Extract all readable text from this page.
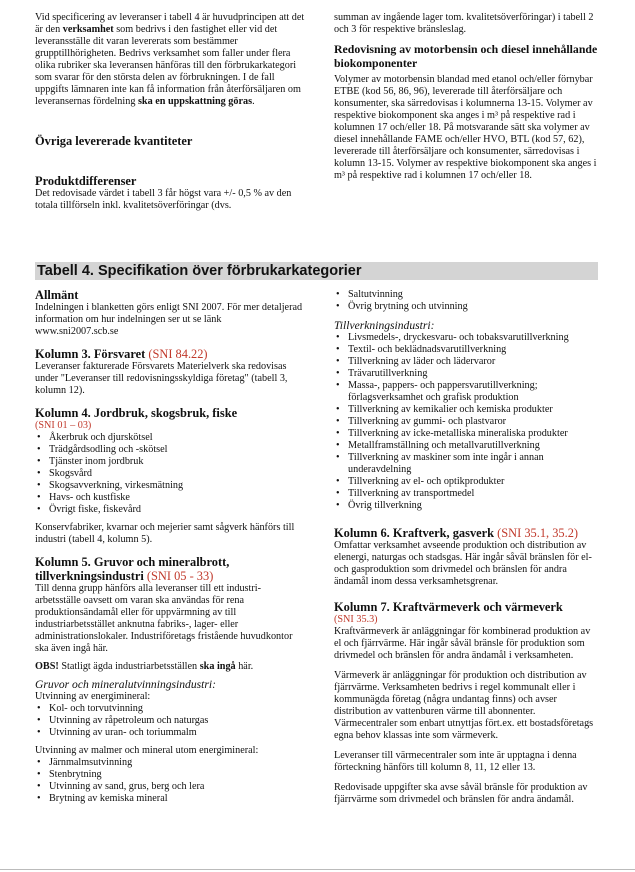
Vid specificering av leveranser i tabell 4 är huvudprincipen att det är den verksamhet som bedrivs i den fastighet eller vid det leveransställe dit varan levererats som bestämmer grupptillhörigheten. Bedrivs verksamhet som faller under flera olika rubriker ska leveransen hänföras till den förbrukarkategori som svarar för den största delen av förbrukningen. I de fall uppgifts lämnaren inte kan få information från återförsäljaren om leveransernas fördelning ska en uppskattning göras.

Övriga levererade kvantiteter
Produktdifferenser

Det redovisade värdet i tabell 3 får högst vara +/- 0,5 % av den totala tillförseln inkl. kvalitetsöverföringar (dvs.

summan av ingående lager tom. kvalitetsöverföringar) i tabell 2 och 3 för respektive bränsleslag.

Redovisning av motorbensin och diesel innehållande biokomponenter

Volymer av motorbensin blandad med etanol och/eller förnybar ETBE (kod 56, 86, 96), levererade till återförsäljare och konsumenter, ska särredovisas i kolumnerna 13-15. Volymer av respektive biokomponent ska anges i m³ på respektive rad i kolumnen 17 och/eller 18. På motsvarande sätt ska volymer av diesel innehållande FAME och/eller HVO, BTL (kod 57, 62), levererade till återförsäljare och konsumenter, särredovisas i kolumn 13-15. Volymer av respektive biokomponent ska anges i m³ på respektive rad i kolumnen 17 och/eller 18.

Tabell 4. Specifikation över förbrukarkategorier
Allmänt

Indelningen i blanketten görs enligt SNI 2007. För mer detaljerad information om hur indelningen ser ut se länk www.sni2007.scb.se

Kolumn 3. Försvaret (SNI 84.22)

Leveranser fakturerade Försvarets Materielverk ska redovisas under "Leveranser till redovisningsskyldiga företag" (tabell 3, kolumn 12).

Kolumn 4. Jordbruk, skogsbruk, fiske

(SNI 01 – 03)

• Åkerbruk och djurskötsel
• Trädgårdsodling och -skötsel
• Tjänster inom jordbruk
• Skogsvård
• Skogsavverkning, virkesmätning
• Havs- och kustfiske
• Övrigt fiske, fiskevård

Konservfabriker, kvarnar och mejerier samt sågverk hänförs till industri (tabell 4, kolumn 5).

Kolumn 5. Gruvor och mineralbrott, tillverkningsindustri (SNI 05 - 33)

Till denna grupp hänförs alla leveranser till ett industri-arbetsställe oavsett om varan ska användas för rena produktionsändamål eller för uppvärmning av till industriarbetsstället anknutna fabriks-, lager- eller administrationslokaler. Industriföretags fristående huvudkontor ska även ingå här.

OBS! Statligt ägda industriarbetsställen ska ingå här.

Gruvor och mineralutvinningsindustri:

Utvinning av energimineral:

• Kol- och torvutvinning
• Utvinning av råpetroleum och naturgas
• Utvinning av uran- och toriummalm

Utvinning av malmer och mineral utom energimineral:

• Järnmalmsutvinning
• Stenbrytning
• Utvinning av sand, grus, berg och lera
• Brytning av kemiska mineral
• Saltutvinning
• Övrig brytning och utvinning

Tillverkningsindustri:

• Livsmedels-, dryckesvaru- och tobaksvarutillverkning
• Textil- och beklädnadsvarutillverkning
• Tillverkning av läder och lädervaror
• Trävarutillverkning
• Massa-, pappers- och pappersvarutillverkning; förlagsverksamhet och grafisk produktion
• Tillverkning av kemikalier och kemiska produkter
• Tillverkning av gummi- och plastvaror
• Tillverkning av icke-metalliska mineraliska produkter
• Metallframställning och metallvarutillverkning
• Tillverkning av maskiner som inte ingår i annan underavdelning
• Tillverkning av el- och optikprodukter
• Tillverkning av transportmedel
• Övrig tillverkning
Kolumn 6. Kraftverk, gasverk (SNI 35.1, 35.2)

Omfattar verksamhet avseende produktion och distribution av elenergi, naturgas och stadsgas. Här ingår såväl bränslen för el- och gasproduktion som drivmedel och bränslen för andra ändamål inom dessa verksamhetsgrenar.

Kolumn 7. Kraftvärmeverk och värmeverk

(SNI 35.3)

Kraftvärmeverk är anläggningar för kombinerad produktion av el och fjärrvärme. Här ingår såväl bränsle för produktion som drivmedel och bränslen för andra ändamål i verksamheten.

Värmeverk är anläggningar för produktion och distribution av fjärrvärme. Verksamheten bedrivs i regel kommunalt eller i kommunägda företag (några undantag finns) och avser distribution av vattenburen värme till abonnenter. Värmecentraler som enbart utnyttjas fört.ex. ett bostadsföretags egna behov klassas inte som värmeverk.

Leveranser till värmecentraler som inte är upptagna i denna förteckning hänförs till kolumn 8, 11, 12 eller 13.

Redovisade uppgifter ska avse såväl bränsle för produktion av fjärrvärme som drivmedel och bränslen för andra ändamål.
